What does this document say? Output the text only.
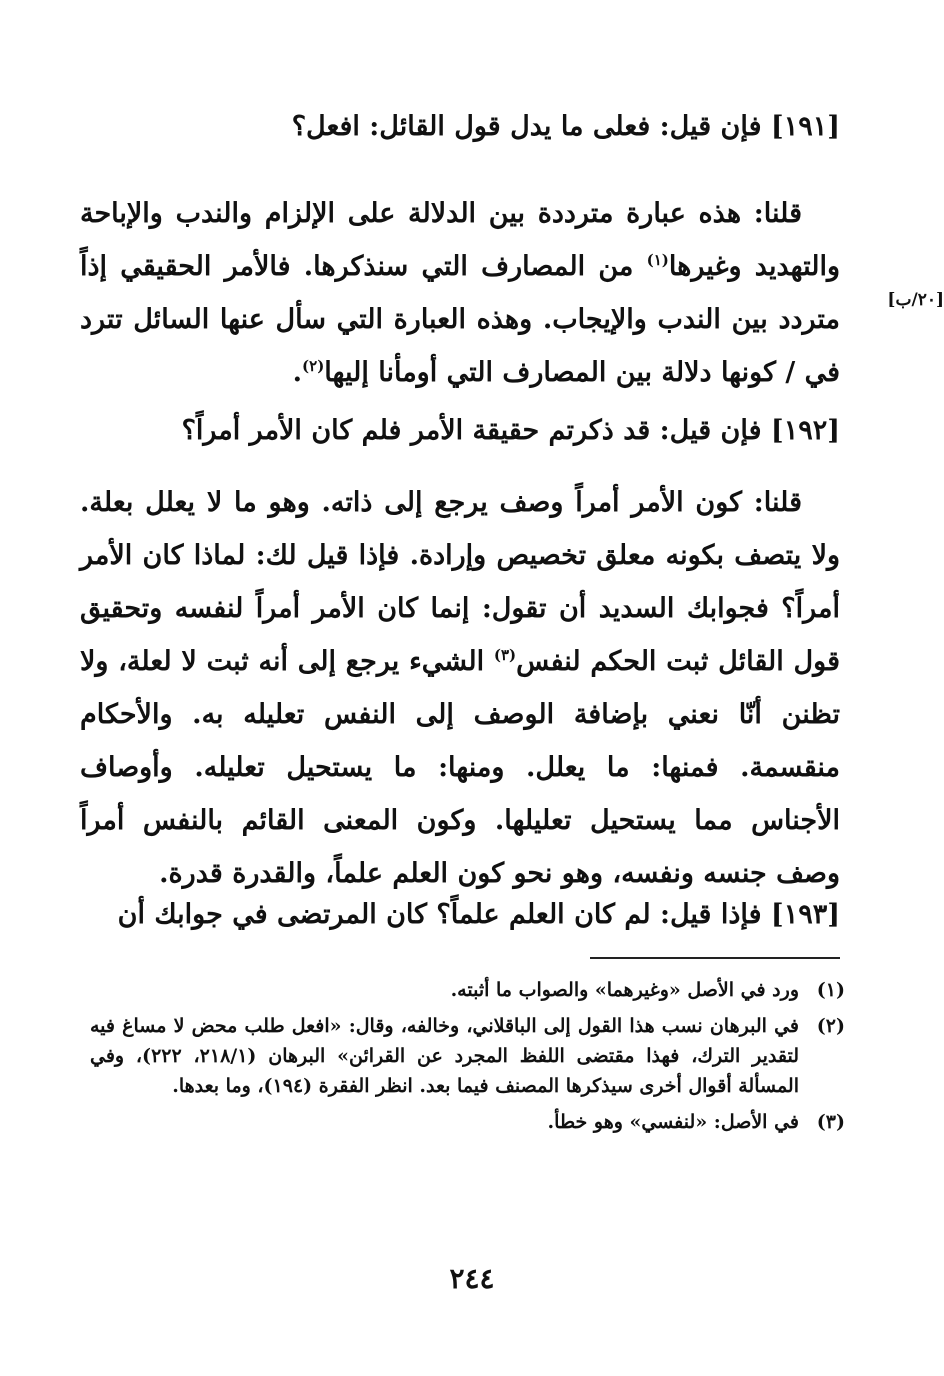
[٢٠/ب]
[١٩١] فإن قيل: فعلى ما يدل قول القائل: افعل؟
قلنا: هذه عبارة مترددة بين الدلالة على الإلزام والندب والإباحة والتهديد وغيرها$^{(١)}$ من المصارف التي سنذكرها. فالأمر الحقيقي إذاً متردد بين الندب والإيجاب. وهذه العبارة التي سأل عنها السائل تترد في / كونها دلالة بين المصارف التي أومأنا إليها$^{(٢)}$.
[١٩٢] فإن قيل: قد ذكرتم حقيقة الأمر فلم كان الأمر أمراً؟
قلنا: كون الأمر أمراً وصف يرجع إلى ذاته. وهو ما لا يعلل بعلة. ولا يتصف بكونه معلق تخصيص وإرادة. فإذا قيل لك: لماذا كان الأمر أمراً؟ فجوابك السديد أن تقول: إنما كان الأمر أمراً لنفسه وتحقيق قول القائل ثبت الحكم لنفس$^{(٣)}$ الشيء يرجع إلى أنه ثبت لا لعلة، ولا تظنن أنّا نعني بإضافة الوصف إلى النفس تعليله به. والأحكام منقسمة. فمنها: ما يعلل. ومنها: ما يستحيل تعليله. وأوصاف الأجناس مما يستحيل تعليلها. وكون المعنى القائم بالنفس أمراً وصف جنسه ونفسه، وهو نحو كون العلم علماً، والقدرة قدرة.
[١٩٣] فإذا قيل: لم كان العلم علماً؟ كان المرتضى في جوابك أن
(١)
ورد في الأصل «وغيرهما» والصواب ما أثبته.
(٢)
في البرهان نسب هذا القول إلى الباقلاني، وخالفه، وقال: «افعل طلب محض لا مساغ فيه لتقدير الترك، فهذا مقتضى اللفظ المجرد عن القرائن» البرهان (٢١٨/١، ٢٢٢)، وفي المسألة أقوال أخرى سيذكرها المصنف فيما بعد. انظر الفقرة (١٩٤)، وما بعدها.
(٣)
في الأصل: «لنفسي» وهو خطأ.
٢٤٤
